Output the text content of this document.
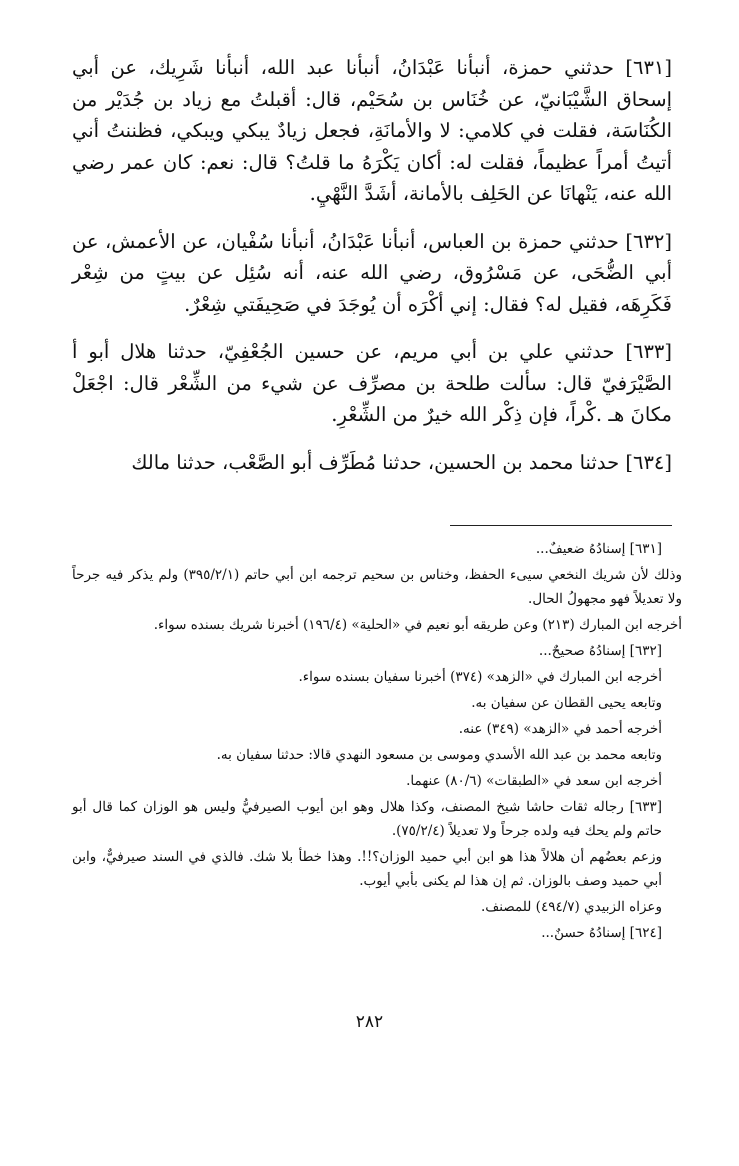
[٦٣١] حدثني حمزة، أنبأنا عَبْدَانُ، أنبأنا عبد الله، أنبأنا شَرِيك، عن أبي إسحاق الشَّيْبَانيّ، عن خُنَاس بن سُحَيْم، قال: أقبلتُ مع زياد بن جُدَيْر من الكُنَاسَة، فقلت في كلامي: لا والأمانَةِ، فجعل زيادٌ يبكي ويبكي، فظننتُ أني أتيتُ أمراً عظيماً، فقلت له: أكان يَكْرَهُ ما قلتُ؟ قال: نعم: كان عمر رضي الله عنه، يَنْهانَا عن الحَلِف بالأمانة، أشَدَّ النَّهْيِ.

[٦٣٢] حدثني حمزة بن العباس، أنبأنا عَبْدَانُ، أنبأنا سُفْيان، عن الأعمش، عن أبي الضُّحَى، عن مَسْرُوق، رضي الله عنه، أنه سُئِل عن بيتٍ من شِعْر فَكَرِهَه، فقيل له؟ فقال: إني أكْرَه أن يُوجَدَ في صَحِيفَتي شِعْرٌ.

[٦٣٣] حدثني علي بن أبي مريم، عن حسين الجُعْفِيّ، حدثنا هلال أبو أ الصَّيْرَفيّ قال: سألت طلحة بن مصرِّف عن شيء من الشِّعْر قال: اجْعَلْ مكانَ هـ .كْراً، فإن ذِكْر الله خيرٌ من الشِّعْرِ.

[٦٣٤] حدثنا محمد بن الحسين، حدثنا مُطَرِّف أبو الصَّعْب، حدثنا مالك

[٦٣١] إسنادُهُ ضعيفٌ...

وذلك لأن شريك النخعي سيىء الحفظ، وخناس بن سحيم ترجمه ابن أبي حاتم (٣٩٥/٢/١) ولم يذكر فيه جرحاً ولا تعديلاً فهو مجهولُ الحال.

أخرجه ابن المبارك (٢١٣) وعن طريقه أبو نعيم في «الحلية» (١٩٦/٤) أخبرنا شريك بسنده سواء.

[٦٣٢] إسنادُهُ صحيحٌ...

أخرجه ابن المبارك في «الزهد» (٣٧٤) أخبرنا سفيان بسنده سواء.

وتابعه يحيى القطان عن سفيان به.

أخرجه أحمد في «الزهد» (٣٤٩) عنه.

وتابعه محمد بن عبد الله الأسدي وموسى بن مسعود النهدي قالا: حدثنا سفيان به.

أخرجه ابن سعد في «الطبقات» (٨٠/٦) عنهما.

[٦٣٣] رجاله ثقات حاشا شيخ المصنف، وكذا هلال وهو ابن أيوب الصيرفيُّ وليس هو الوزان كما قال أبو حاتم ولم يحك فيه ولده جرحاً ولا تعديلاً (٧٥/٢/٤).

وزعم بعضُهم أن هلالاً هذا هو ابن أبي حميد الوزان؟!!. وهذا خطأ بلا شك. فالذي في السند صيرفيٌّ، وابن أبي حميد وصف بالوزان. ثم إن هذا لم يكنى بأبي أيوب.

وعزاه الزبيدي (٤٩٤/٧) للمصنف.

[٦٢٤] إسنادُهُ حسنٌ...

٢٨٢
